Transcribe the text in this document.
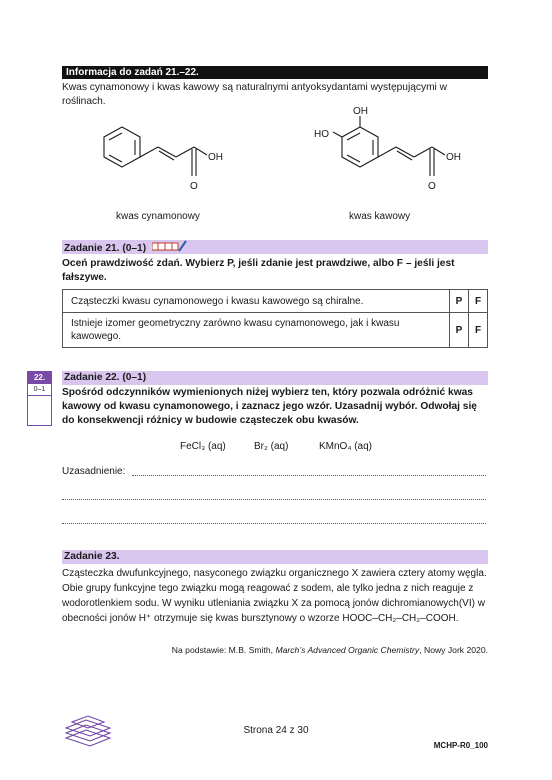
Informacja do zadań 21.–22.
Kwas cynamonowy i kwas kawowy są naturalnymi antyoksydantami występującymi w roślinach.
OH
O
OH
HO
OH
O
kwas cynamonowy	kwas kawowy
Zadanie 21. (0–1)
Oceń prawdziwość zdań. Wybierz P, jeśli zdanie jest prawdziwe, albo F – jeśli jest fałszywe.
Cząsteczki kwasu cynamonowego i kwasu kawowego są chiralne.	P	F
Istnieje izomer geometryczny zarówno kwasu cynamonowego, jak i kwasu kawowego.	P	F
22.
0–1
Zadanie 22. (0–1)
Spośród odczynników wymienionych niżej wybierz ten, który pozwala odróżnić kwas kawowy od kwasu cynamonowego, i zaznacz jego wzór. Uzasadnij wybór. Odwołaj się do konsekwencji różnicy w budowie cząsteczek obu kwasów.
FeCl₃ (aq)	Br₂ (aq)	KMnO₄ (aq)
Uzasadnienie:
Zadanie 23.
Cząsteczka dwufunkcyjnego, nasyconego związku organicznego X zawiera cztery atomy węgla. Obie grupy funkcyjne tego związku mogą reagować z sodem, ale tylko jedna z nich reaguje z wodorotlenkiem sodu. W wyniku utleniania związku X za pomocą jonów dichromianowych(VI) w obecności jonów H⁺ otrzymuje się kwas bursztynowy o wzorze HOOC–CH₂–CH₂–COOH.
Na podstawie: M.B. Smith, March’s Advanced Organic Chemistry, Nowy Jork 2020.
Strona 24 z 30
MCHP-R0_100
